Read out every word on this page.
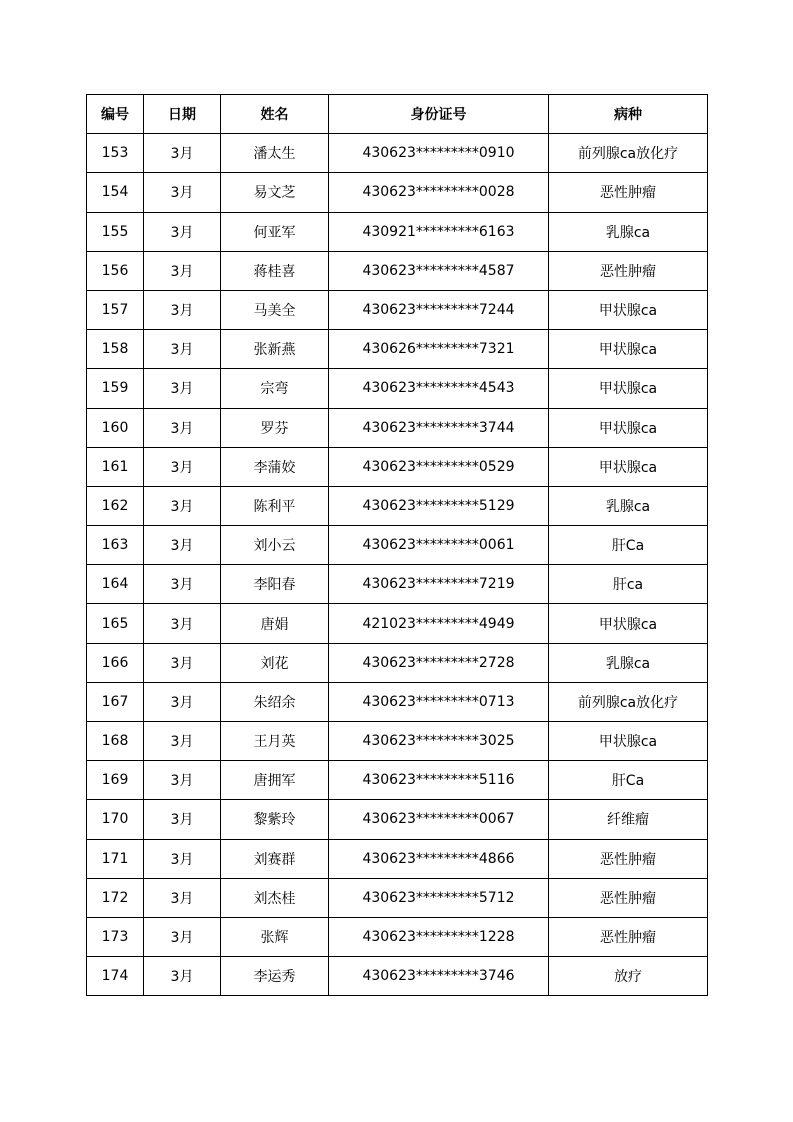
编号	日期	姓名	身份证号	病种
153	3月	潘太生	430623*********0910	前列腺ca放化疗
154	3月	易文芝	430623*********0028	恶性肿瘤
155	3月	何亚军	430921*********6163	乳腺ca
156	3月	蒋桂喜	430623*********4587	恶性肿瘤
157	3月	马美全	430623*********7244	甲状腺ca
158	3月	张新燕	430626*********7321	甲状腺ca
159	3月	宗弯	430623*********4543	甲状腺ca
160	3月	罗芬	430623*********3744	甲状腺ca
161	3月	李蒲姣	430623*********0529	甲状腺ca
162	3月	陈利平	430623*********5129	乳腺ca
163	3月	刘小云	430623*********0061	肝Ca
164	3月	李阳春	430623*********7219	肝ca
165	3月	唐娟	421023*********4949	甲状腺ca
166	3月	刘花	430623*********2728	乳腺ca
167	3月	朱绍余	430623*********0713	前列腺ca放化疗
168	3月	王月英	430623*********3025	甲状腺ca
169	3月	唐拥军	430623*********5116	肝Ca
170	3月	黎紫玲	430623*********0067	纤维瘤
171	3月	刘赛群	430623*********4866	恶性肿瘤
172	3月	刘杰桂	430623*********5712	恶性肿瘤
173	3月	张辉	430623*********1228	恶性肿瘤
174	3月	李运秀	430623*********3746	放疗
